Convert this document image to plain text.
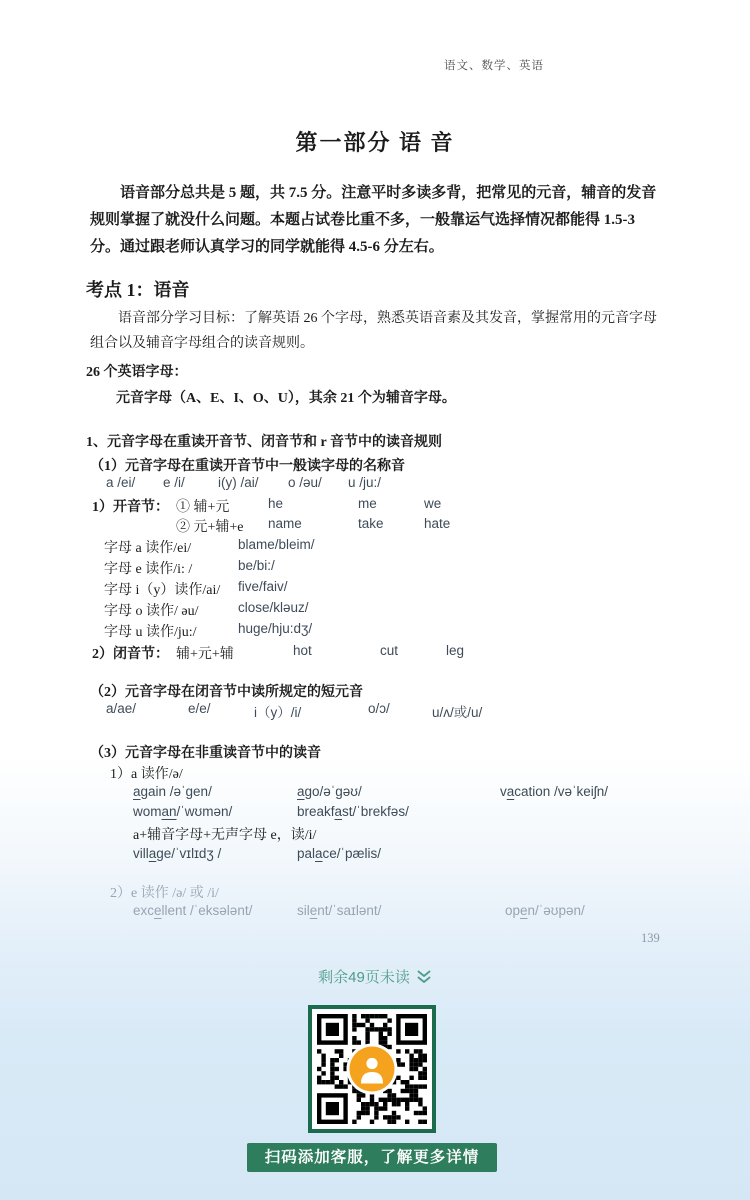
语文、数学、英语
第一部分 语 音
语音部分总共是 5 题，共 7.5 分。注意平时多读多背，把常见的元音，辅音的发音规则掌握了就没什么问题。本题占试卷比重不多，一般靠运气选择情况都能得 1.5-3 分。通过跟老师认真学习的同学就能得 4.5-6 分左右。
考点 1：语音
语音部分学习目标：了解英语 26 个字母，熟悉英语音素及其发音，掌握常用的元音字母组合以及辅音字母组合的读音规则。
26 个英语字母：
元音字母（A、E、I、O、U），其余 21 个为辅音字母。
1、元音字母在重读开音节、闭音节和 r 音节中的读音规则
（1）元音字母在重读开音节中一般读字母的名称音
a /ei/ e /i/ i(y) /ai/ o /əu/ u /ju:/
1）开音节： ① 辅+元	he	me	we
② 元+辅+e name	take	hate
字母 a 读作/ei/	blame/bleim/
字母 e 读作/i: /	be/bi:/
字母 i（y）读作/ai/ five/faiv/
字母 o 读作/ əu/	close/kləuz/
字母 u 读作/ju:/	huge/hju:dʒ/
2）闭音节： 辅+元+辅	hot	cut	leg
（2）元音字母在闭音节中读所规定的短元音
a/ae/	e/e/	i（y）/i/	o/ɔ/	u/ʌ/或/u/
（3）元音字母在非重读音节中的读音
1）a 读作/ə/
again /əˈgen/	ago/əˈgəʊ/	vacation /vəˈkeiʃn/
woman/ˈwʊmən/	breakfast/ˈbrekfəs/
a+辅音字母+无声字母 e，读/i/
village/ˈvɪlɪdʒ /	palace/ˈpælis/
2）e 读作 /ə/ 或 /i/
excellent /ˈeksələnt/	silent/ˈsaɪlənt/	open/ˈəʊpən/
139
剩余49页未读
扫码添加客服，了解更多详情
